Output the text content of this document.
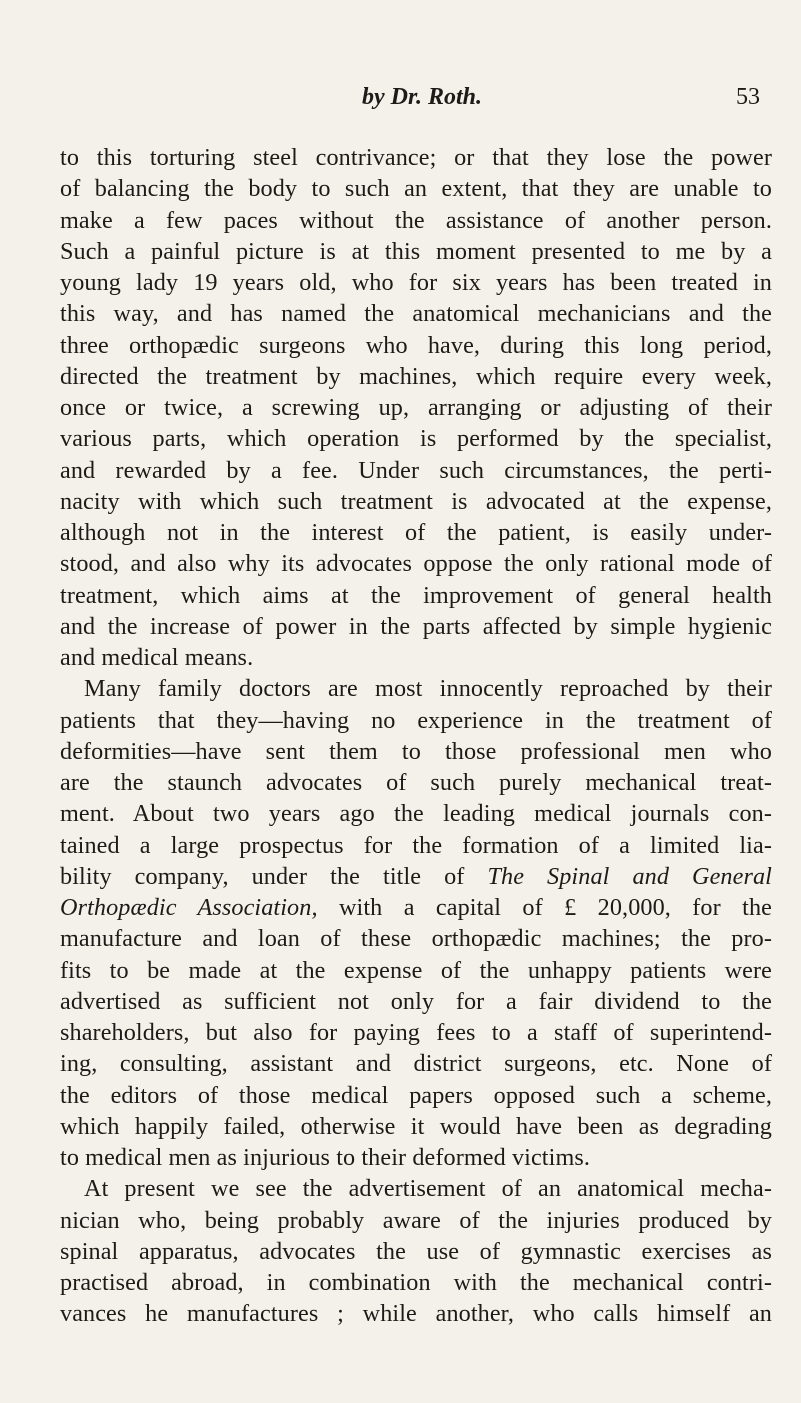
by Dr. Roth.	53
to this torturing steel contrivance; or that they lose the power
of balancing the body to such an extent, that they are unable to
make a few paces without the assistance of another person.
Such a painful picture is at this moment presented to me by a
young lady 19 years old, who for six years has been treated in
this way, and has named the anatomical mechanicians and the
three orthopædic surgeons who have, during this long period,
directed the treatment by machines, which require every week,
once or twice, a screwing up, arranging or adjusting of their
various parts, which operation is performed by the specialist,
and rewarded by a fee. Under such circumstances, the perti-
nacity with which such treatment is advocated at the expense,
although not in the interest of the patient, is easily under-
stood, and also why its advocates oppose the only rational mode of
treatment, which aims at the improvement of general health
and the increase of power in the parts affected by simple hygienic
and medical means.
Many family doctors are most innocently reproached by their
patients that they—having no experience in the treatment of
deformities—have sent them to those professional men who
are the staunch advocates of such purely mechanical treat-
ment. About two years ago the leading medical journals con-
tained a large prospectus for the formation of a limited lia-
bility company, under the title of The Spinal and General
Orthopædic Association, with a capital of £ 20,000, for the
manufacture and loan of these orthopædic machines; the pro-
fits to be made at the expense of the unhappy patients were
advertised as sufficient not only for a fair dividend to the
shareholders, but also for paying fees to a staff of superintend-
ing, consulting, assistant and district surgeons, etc. None of
the editors of those medical papers opposed such a scheme,
which happily failed, otherwise it would have been as degrading
to medical men as injurious to their deformed victims.
At present we see the advertisement of an anatomical mecha-
nician who, being probably aware of the injuries produced by
spinal apparatus, advocates the use of gymnastic exercises as
practised abroad, in combination with the mechanical contri-
vances he manufactures ; while another, who calls himself an
